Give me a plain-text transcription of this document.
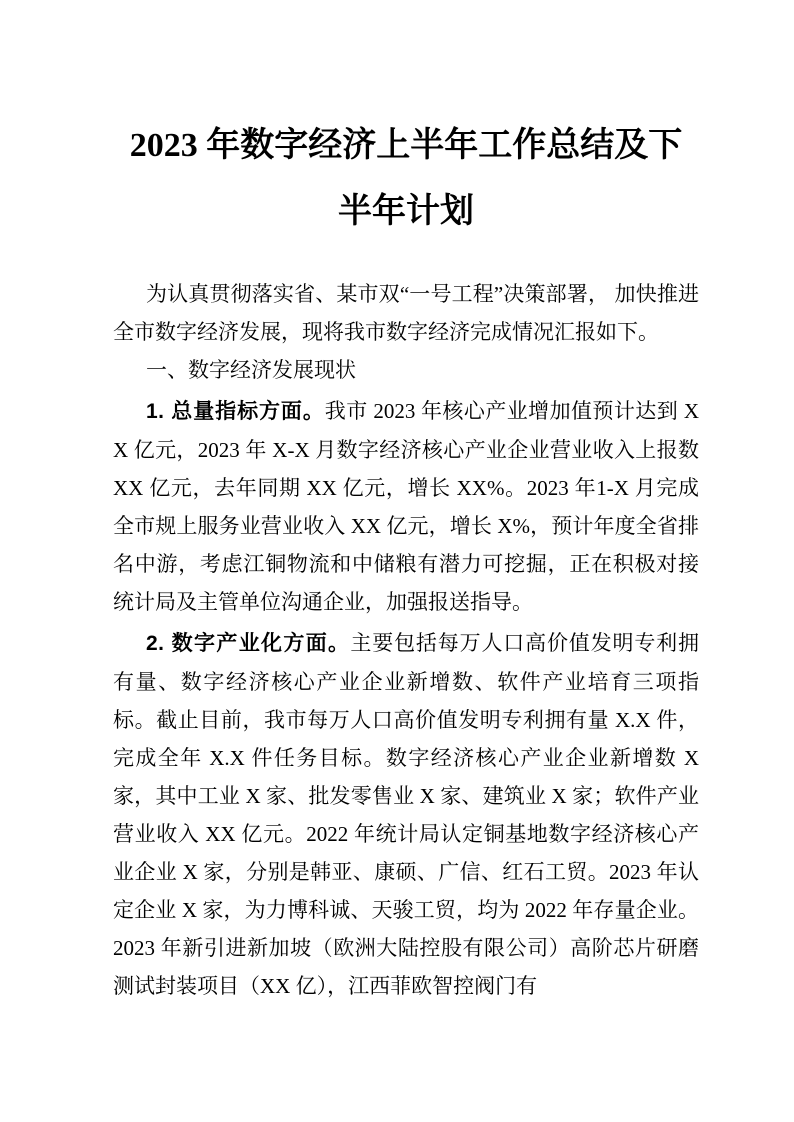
2023 年数字经济上半年工作总结及下半年计划

为认真贯彻落实省、某市双“一号工程”决策部署， 加快推进全市数字经济发展，现将我市数字经济完成情况汇报如下。

一、数字经济发展现状

1. 总量指标方面。我市 2023 年核心产业增加值预计达到 XX 亿元，2023 年 X-X 月数字经济核心产业企业营业收入上报数 XX 亿元，去年同期 XX 亿元，增长 XX%。2023 年1-X 月完成全市规上服务业营业收入 XX 亿元，增长 X%，预计年度全省排名中游，考虑江铜物流和中储粮有潜力可挖掘，正在积极对接统计局及主管单位沟通企业，加强报送指导。

2. 数字产业化方面。主要包括每万人口高价值发明专利拥有量、数字经济核心产业企业新增数、软件产业培育三项指标。截止目前，我市每万人口高价值发明专利拥有量 X.X 件，完成全年 X.X 件任务目标。数字经济核心产业企业新增数 X 家，其中工业 X 家、批发零售业 X 家、建筑业 X 家；软件产业营业收入 XX 亿元。2022 年统计局认定铜基地数字经济核心产业企业 X 家，分别是韩亚、康硕、广信、红石工贸。2023 年认定企业 X 家，为力博科诚、天骏工贸，均为 2022 年存量企业。2023 年新引进新加坡（欧洲大陆控股有限公司）高阶芯片研磨测试封装项目（XX 亿），江西菲欧智控阀门有
